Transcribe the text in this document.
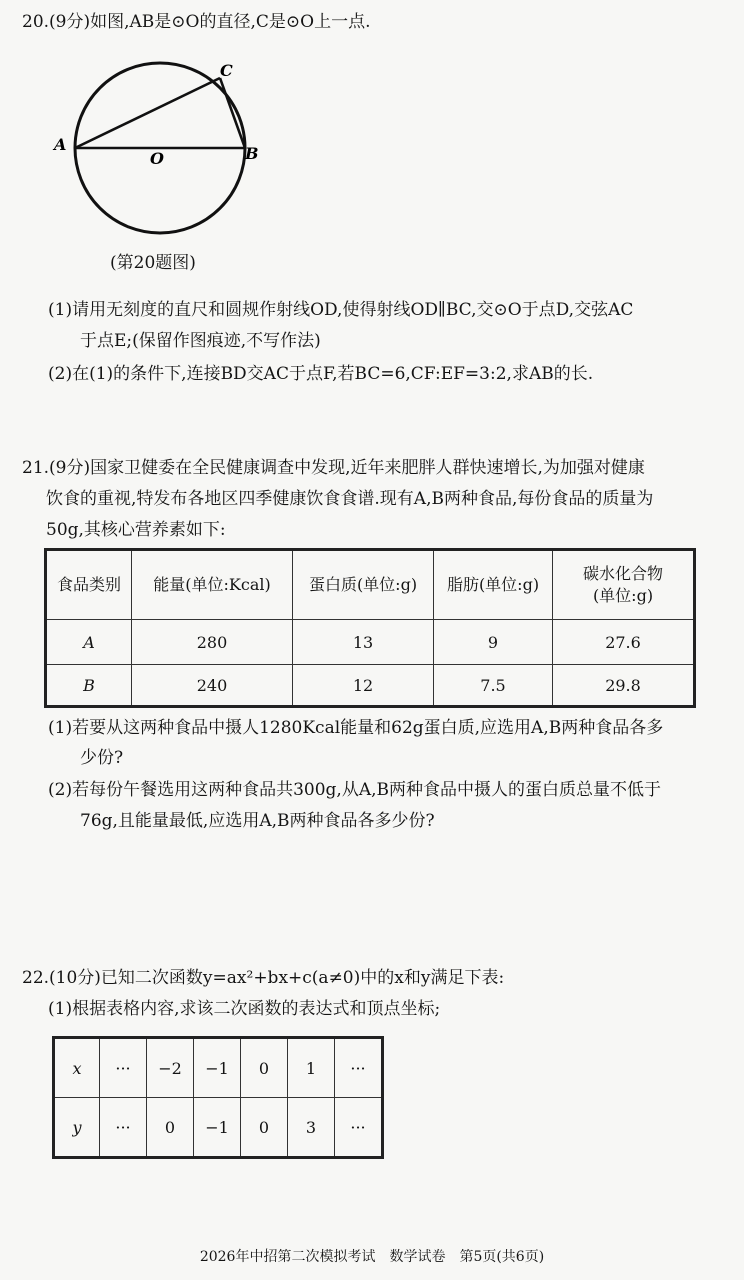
20.(9分)如图,AB是⊙O的直径,C是⊙O上一点.
A	B
C
O
(第20题图)
(1)请用无刻度的直尺和圆规作射线OD,使得射线OD∥BC,交⊙O于点D,交弦AC
于点E;(保留作图痕迹,不写作法)
(2)在(1)的条件下,连接BD交AC于点F,若BC=6,CF:EF=3:2,求AB的长.
21.(9分)国家卫健委在全民健康调查中发现,近年来肥胖人群快速增长,为加强对健康
饮食的重视,特发布各地区四季健康饮食食谱.现有A,B两种食品,每份食品的质量为
50g,其核心营养素如下:
食品类别	能量(单位:Kcal)	蛋白质(单位:g)	脂肪(单位:g)	碳水化合物
(单位:g)

A	280	13	9	27.6
B	240	12	7.5	29.8
(1)若要从这两种食品中摄人1280Kcal能量和62g蛋白质,应选用A,B两种食品各多
少份?
(2)若每份午餐选用这两种食品共300g,从A,B两种食品中摄人的蛋白质总量不低于
76g,且能量最低,应选用A,B两种食品各多少份?
22.(10分)已知二次函数y=ax²+bx+c(a≠0)中的x和y满足下表:
(1)根据表格内容,求该二次函数的表达式和顶点坐标;
x	···	−2	−1	0	1	···
y	···	0	−1	0	3	···
2026年中招第二次模拟考试　数学试卷　第5页(共6页)
